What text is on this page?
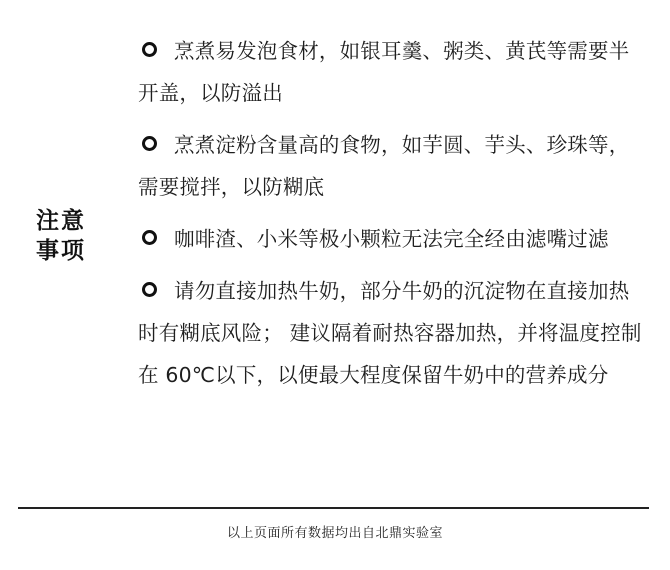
注意
事项
烹煮易发泡食材，如银耳羹、粥类、黄芪等需要半开盖，以防溢出
烹煮淀粉含量高的食物，如芋圆、芋头、珍珠等，需要搅拌，以防糊底
咖啡渣、小米等极小颗粒无法完全经由滤嘴过滤
请勿直接加热牛奶，部分牛奶的沉淀物在直接加热时有糊底风险； 建议隔着耐热容器加热，并将温度控制在 60℃以下，以便最大程度保留牛奶中的营养成分
以上页面所有数据均出自北鼎实验室
